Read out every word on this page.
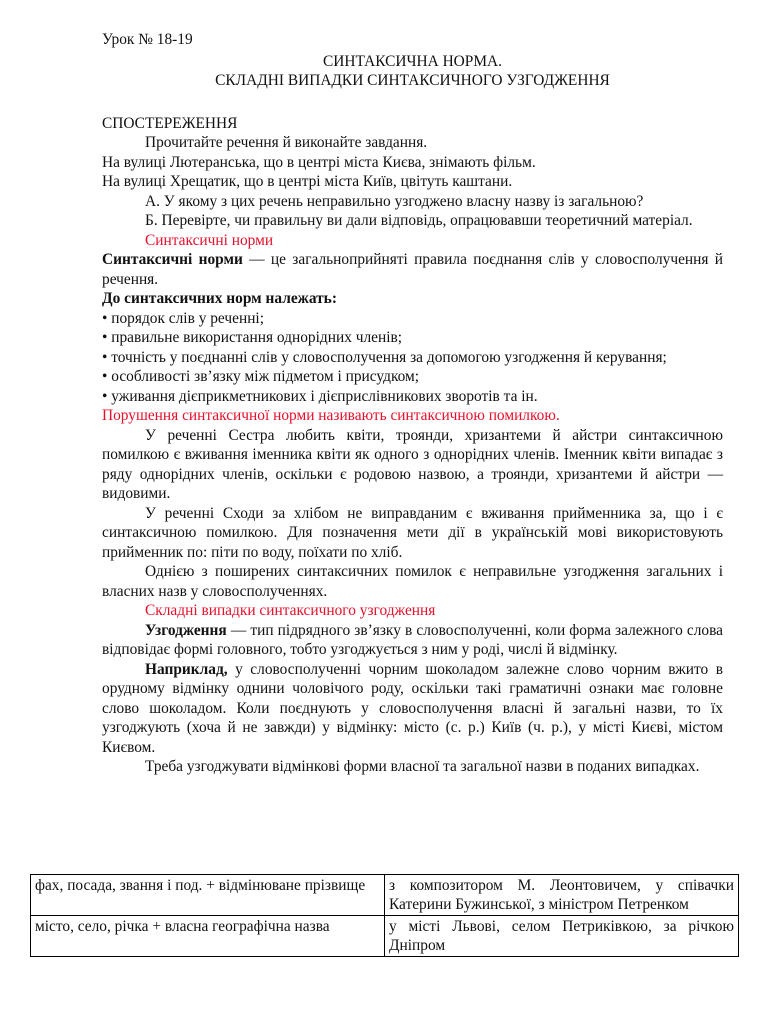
Урок № 18-19

СИНТАКСИЧНА НОРМА.

СКЛАДНІ ВИПАДКИ СИНТАКСИЧНОГО УЗГОДЖЕННЯ

СПОСТЕРЕЖЕННЯ

Прочитайте речення й виконайте завдання.

На вулиці Лютеранська, що в центрі міста Києва, знімають фільм.

На вулиці Хрещатик, що в центрі міста Київ, цвітуть каштани.

А. У якому з цих речень неправильно узгоджено власну назву із загальною?

Б. Перевірте, чи правильну ви дали відповідь, опрацювавши теоретичний матеріал.

Синтаксичні норми

Синтаксичні норми — це загальноприйняті правила поєднання слів у словосполучення й речення.

До синтаксичних норм належать:

• порядок слів у реченні;

• правильне використання однорідних членів;

• точність у поєднанні слів у словосполучення за допомогою узгодження й керування;

• особливості зв’язку між підметом і присудком;

• уживання дієприкметникових і дієприслівникових зворотів та ін.

Порушення синтаксичної норми називають синтаксичною помилкою.

У реченні Сестра любить квіти, троянди, хризантеми й айстри синтаксичною помилкою є вживання іменника квіти як одного з однорідних членів. Іменник квіти випадає з ряду однорідних членів, оскільки є родовою назвою, а троянди, хризантеми й айстри — видовими.

У реченні Сходи за хлібом не виправданим є вживання прийменника за, що і є синтаксичною помилкою. Для позначення мети дії в українській мові використовують прийменник по: піти по воду, поїхати по хліб.

Однією з поширених синтаксичних помилок є неправильне узгодження загальних і власних назв у словосполученнях.

Складні випадки синтаксичного узгодження

Узгодження — тип підрядного зв’язку в словосполученні, коли форма залежного слова відповідає формі головного, тобто узгоджується з ним у роді, числі й відмінку.

Наприклад, у словосполученні чорним шоколадом залежне слово чорним вжито в орудному відмінку однини чоловічого роду, оскільки такі граматичні ознаки має головне слово шоколадом. Коли поєднують у словосполучення власні й загальні назви, то їх узгоджують (хоча й не завжди) у відмінку: місто (с. р.) Київ (ч. р.), у місті Києві, містом Києвом.

Треба узгоджувати відмінкові форми власної та загальної назви в поданих випадках.

фах, посада, звання і под. + відмінюване прізвище	з композитором М. Леонтовичем, у співачки Катерини Бужинської, з міністром Петренком
місто, село, річка + власна географічна назва	у місті Львові, селом Петриківкою, за річкою Дніпром
